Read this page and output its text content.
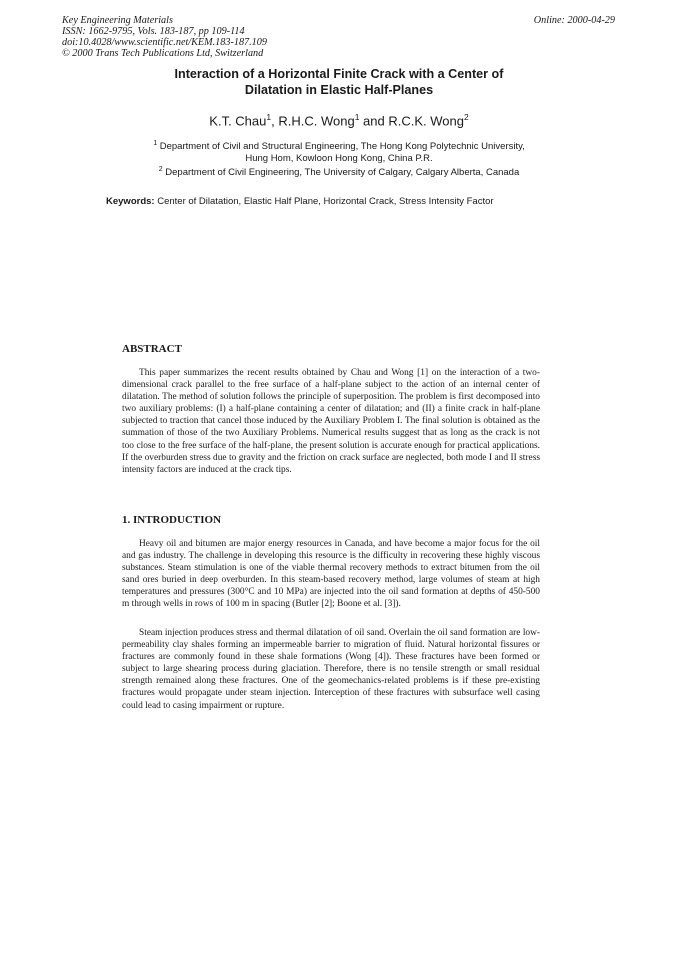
Key Engineering Materials
ISSN: 1662-9795, Vols. 183-187, pp 109-114
doi:10.4028/www.scientific.net/KEM.183-187.109
© 2000 Trans Tech Publications Ltd, Switzerland
Online: 2000-04-29
Interaction of a Horizontal Finite Crack with a Center of
Dilatation in Elastic Half-Planes
K.T. Chau$^1$, R.H.C. Wong$^1$ and R.C.K. Wong$^2$
$^1$ Department of Civil and Structural Engineering, The Hong Kong Polytechnic University,
Hung Hom, Kowloon Hong Kong, China P.R.
$^2$ Department of Civil Engineering, The University of Calgary, Calgary Alberta, Canada
Keywords: Center of Dilatation, Elastic Half Plane, Horizontal Crack, Stress Intensity Factor
ABSTRACT

This paper summarizes the recent results obtained by Chau and Wong [1] on the interaction of a two-dimensional crack parallel to the free surface of a half-plane subject to the action of an internal center of dilatation. The method of solution follows the principle of superposition. The problem is first decomposed into two auxiliary problems: (I) a half-plane containing a center of dilatation; and (II) a finite crack in half-plane subjected to traction that cancel those induced by the Auxiliary Problem I. The final solution is obtained as the summation of those of the two Auxiliary Problems. Numerical results suggest that as long as the crack is not too close to the free surface of the half-plane, the present solution is accurate enough for practical applications. If the overburden stress due to gravity and the friction on crack surface are neglected, both mode I and II stress intensity factors are induced at the crack tips.

1. INTRODUCTION

Heavy oil and bitumen are major energy resources in Canada, and have become a major focus for the oil and gas industry. The challenge in developing this resource is the difficulty in recovering these highly viscous substances. Steam stimulation is one of the viable thermal recovery methods to extract bitumen from the oil sand ores buried in deep overburden. In this steam-based recovery method, large volumes of steam at high temperatures and pressures (300°C and 10 MPa) are injected into the oil sand formation at depths of 450-500 m through wells in rows of 100 m in spacing (Butler [2]; Boone et al. [3]).

Steam injection produces stress and thermal dilatation of oil sand. Overlain the oil sand formation are low-permeability clay shales forming an impermeable barrier to migration of fluid. Natural horizontal fissures or fractures are commonly found in these shale formations (Wong [4]). These fractures have been formed or subject to large shearing process during glaciation. Therefore, there is no tensile strength or small residual strength remained along these fractures. One of the geomechanics-related problems is if these pre-existing fractures would propagate under steam injection. Interception of these fractures with subsurface well casing could lead to casing impairment or rupture.
